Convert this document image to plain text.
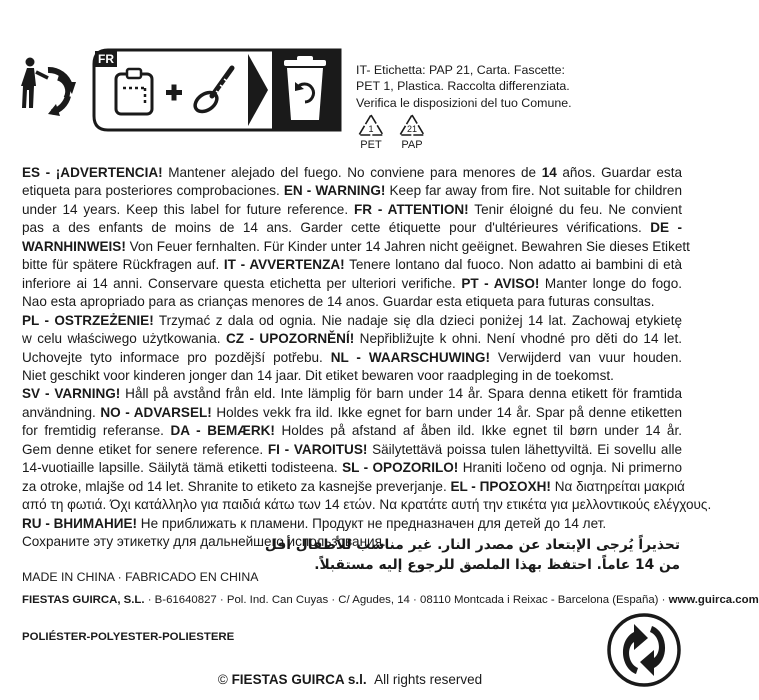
FR
IT- Etichetta: PAP 21, Carta. Fascette:
PET 1, Plastica. Raccolta differenziata.
Verifica le disposizioni del tuo Comune.
1
PET
21
PAP
ES - ¡ADVERTENCIA! Mantener alejado del fuego. No conviene para menores de 14 años. Guardar esta
etiqueta para posteriores comprobaciones. EN - WARNING! Keep far away from fire. Not suitable for children
under 14 years. Keep this label for future reference. FR - ATTENTION! Tenir éloigné du feu. Ne convient
pas a des enfants de moins de 14 ans. Garder cette étiquette pour d'ultérieures vérifications. DE -
WARNHINWEIS! Von Feuer fernhalten. Für Kinder unter 14 Jahren nicht geëignet. Bewahren Sie dieses Etikett
bitte für spätere Rückfragen auf. IT - AVVERTENZA! Tenere lontano dal fuoco. Non adatto ai bambini di età
inferiore ai 14 anni. Conservare questa etichetta per ulteriori verifiche. PT - AVISO! Manter longe do fogo.
Nao esta apropriado para as crianças menores de 14 anos. Guardar esta etiqueta para futuras consultas.
PL - OSTRZEŻENIE! Trzymać z dala od ognia. Nie nadaje się dla dzieci poniżej 14 lat. Zachowaj etykietę
w celu właściwego użytkowania. CZ - UPOZORNĚNÍ! Nepřibližujte k ohni. Není vhodné pro děti do 14 let.
Uchovejte tyto informace pro pozdější potřebu. NL - WAARSCHUWING! Verwijderd van vuur houden.
Niet geschikt voor kinderen jonger dan 14 jaar. Dit etiket bewaren voor raadpleging in de toekomst.
SV - VARNING! Håll på avstånd från eld. Inte lämplig för barn under 14 år. Spara denna etikett för framtida
användning. NO - ADVARSEL! Holdes vekk fra ild. Ikke egnet for barn under 14 år. Spar på denne etiketten
for fremtidig referanse. DA - BEMÆRK! Holdes på afstand af åben ild. Ikke egnet til børn under 14 år.
Gem denne etiket for senere reference. FI - VAROITUS! Säilytettävä poissa tulen lähettyviltä. Ei sovellu alle
14-vuotiaille lapsille. Säilytä tämä etiketti todisteena. SL - OPOZORILO! Hraniti ločeno od ognja. Ni primerno
za otroke, mlajše od 14 let. Shranite to etiketo za kasnejše preverjanje. EL - ΠΡΟΣΟΧΗ! Να διατηρείται μακριά
από τη φωτιά. Όχι κατάλληλο για παιδιά κάτω των 14 ετών. Να κρατάτε αυτή την ετικέτα για μελλοντικούς ελέγχους.
RU - ВНИМАНИЕ! Не приближать к пламени. Продукт не предназначен для детей до 14 лет.
Сохраните эту этикетку для дальнейшего использования.
تحذيراً يُرجى الإبتعاد عن مصدر النار. غير مناسب للأطفال أقل
من 14 عاماً. احتفظ بهذا الملصق للرجوع إليه مستقبلاً.
MADE IN CHINA · FABRICADO EN CHINA
FIESTAS GUIRCA, S.L. · B-61640827 · Pol. Ind. Can Cuyas · C/ Agudes, 14 · 08110 Montcada i Reixac - Barcelona (España) · www.guirca.com
POLIÉSTER-POLYESTER-POLIESTERE
© FIESTAS GUIRCA s.l. All rights reserved
